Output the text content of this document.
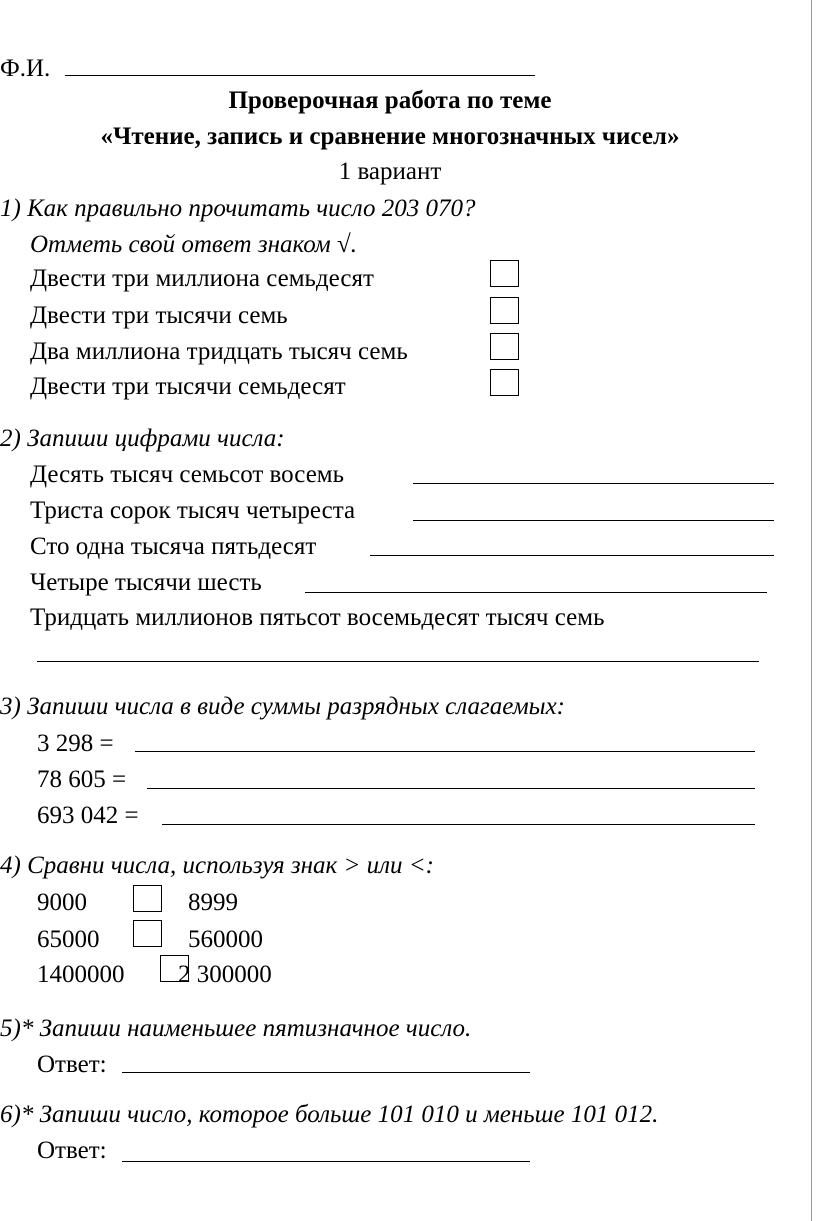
Ф.И.
Проверочная работа по теме
«Чтение, запись и сравнение многозначных чисел»
1 вариант
1) Как правильно прочитать число 203 070?
Отметь свой ответ знаком √.
Двести три миллиона семьдесят
Двести три тысячи семь
Два миллиона тридцать тысяч семь
Двести три тысячи семьдесят
2) Запиши цифрами числа:
Десять тысяч семьсот восемь
Триста сорок тысяч четыреста
Сто одна тысяча пятьдесят
Четыре тысячи шесть
Тридцать миллионов пятьсот восемьдесят тысяч семь
3) Запиши числа в виде суммы разрядных слагаемых:
3 298 =
78 605 =
693 042 =
4) Сравни числа, используя знак > или <:
9000	8999
65000	560000
1400000 2 300000
5)* Запиши наименьшее пятизначное число.
Ответ:
6)* Запиши число, которое больше 101 010 и меньше 101 012.
Ответ:
